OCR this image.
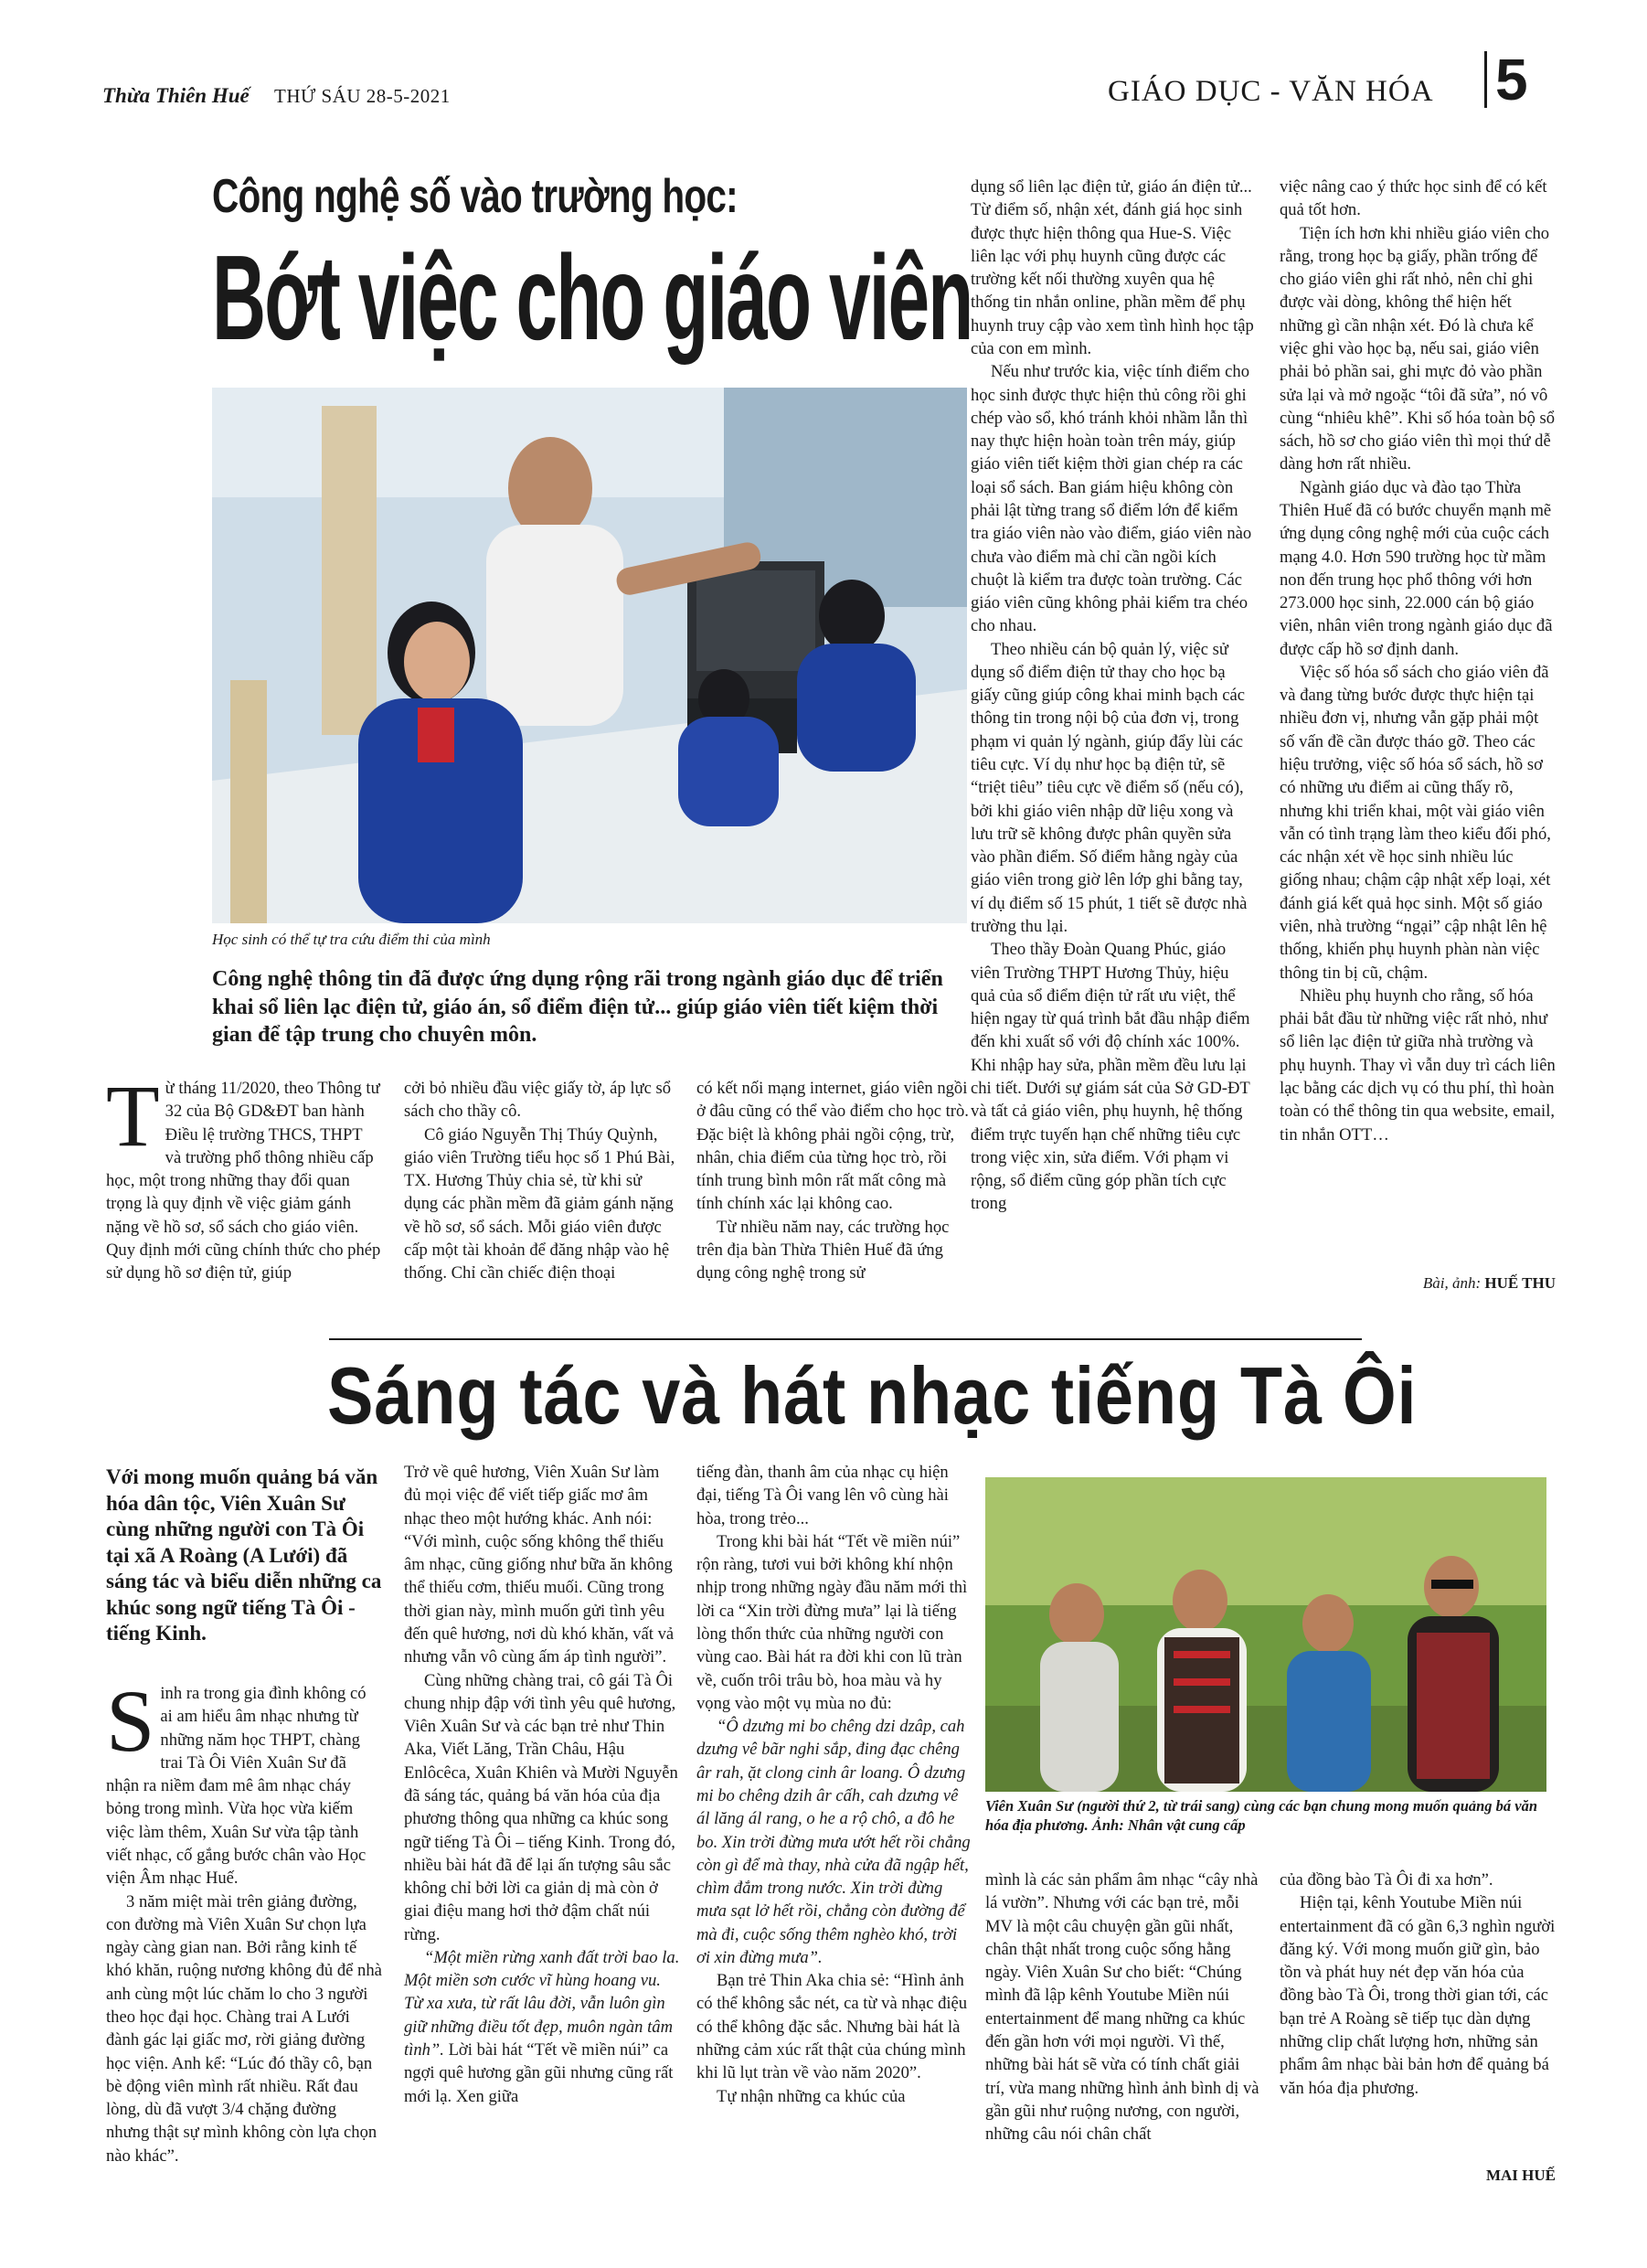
Thừa Thiên Huế THỨ SÁU 28-5-2021	GIÁO DỤC - VĂN HÓA 5
Công nghệ số vào trường học:
Bớt việc cho giáo viên
Học sinh có thể tự tra cứu điểm thi của mình
Công nghệ thông tin đã được ứng dụng rộng rãi trong ngành giáo dục để triển khai sổ liên lạc điện tử, giáo án, sổ điểm điện tử... giúp giáo viên tiết kiệm thời gian để tập trung cho chuyên môn.
T ừ tháng 11/2020, theo Thông tư 32 của Bộ GD&ĐT ban hành Điều lệ trường THCS, THPT và trường phổ thông nhiều cấp học, một trong những thay đổi quan trọng là quy định về việc giảm gánh nặng về hồ sơ, sổ sách cho giáo viên. Quy định mới cũng chính thức cho phép sử dụng hồ sơ điện tử, giúp

cởi bỏ nhiều đầu việc giấy tờ, áp lực sổ sách cho thầy cô.

Cô giáo Nguyễn Thị Thúy Quỳnh, giáo viên Trường tiểu học số 1 Phú Bài, TX. Hương Thủy chia sẻ, từ khi sử dụng các phần mềm đã giảm gánh nặng về hồ sơ, sổ sách. Mỗi giáo viên được cấp một tài khoản để đăng nhập vào hệ thống. Chỉ cần chiếc điện thoại

có kết nối mạng internet, giáo viên ngồi ở đâu cũng có thể vào điểm cho học trò. Đặc biệt là không phải ngồi cộng, trừ, nhân, chia điểm của từng học trò, rồi tính trung bình môn rất mất công mà tính chính xác lại không cao.

Từ nhiều năm nay, các trường học trên địa bàn Thừa Thiên Huế đã ứng dụng công nghệ trong sử

dụng sổ liên lạc điện tử, giáo án điện tử... Từ điểm số, nhận xét, đánh giá học sinh được thực hiện thông qua Hue-S. Việc liên lạc với phụ huynh cũng được các trường kết nối thường xuyên qua hệ thống tin nhắn online, phần mềm để phụ huynh truy cập vào xem tình hình học tập của con em mình.

Nếu như trước kia, việc tính điểm cho học sinh được thực hiện thủ công rồi ghi chép vào sổ, khó tránh khỏi nhầm lẫn thì nay thực hiện hoàn toàn trên máy, giúp giáo viên tiết kiệm thời gian chép ra các loại sổ sách. Ban giám hiệu không còn phải lật từng trang sổ điểm lớn để kiểm tra giáo viên nào vào điểm, giáo viên nào chưa vào điểm mà chỉ cần ngồi kích chuột là kiểm tra được toàn trường. Các giáo viên cũng không phải kiểm tra chéo cho nhau.

Theo nhiều cán bộ quản lý, việc sử dụng sổ điểm điện tử thay cho học bạ giấy cũng giúp công khai minh bạch các thông tin trong nội bộ của đơn vị, trong phạm vi quản lý ngành, giúp đẩy lùi các tiêu cực. Ví dụ như học bạ điện tử, sẽ “triệt tiêu” tiêu cực về điểm số (nếu có), bởi khi giáo viên nhập dữ liệu xong và lưu trữ sẽ không được phân quyền sửa vào phần điểm. Số điểm hằng ngày của giáo viên trong giờ lên lớp ghi bằng tay, ví dụ điểm số 15 phút, 1 tiết sẽ được nhà trường thu lại.

Theo thầy Đoàn Quang Phúc, giáo viên Trường THPT Hương Thủy, hiệu quả của sổ điểm điện tử rất ưu việt, thể hiện ngay từ quá trình bắt đầu nhập điểm đến khi xuất sổ với độ chính xác 100%. Khi nhập hay sửa, phần mềm đều lưu lại chi tiết. Dưới sự giám sát của Sở GD-ĐT và tất cả giáo viên, phụ huynh, hệ thống điểm trực tuyến hạn chế những tiêu cực trong việc xin, sửa điểm. Với phạm vi rộng, sổ điểm cũng góp phần tích cực trong

việc nâng cao ý thức học sinh để có kết quả tốt hơn.

Tiện ích hơn khi nhiều giáo viên cho rằng, trong học bạ giấy, phần trống để cho giáo viên ghi rất nhỏ, nên chỉ ghi được vài dòng, không thể hiện hết những gì cần nhận xét. Đó là chưa kể việc ghi vào học bạ, nếu sai, giáo viên phải bỏ phần sai, ghi mực đỏ vào phần sửa lại và mở ngoặc “tôi đã sửa”, nó vô cùng “nhiêu khê”. Khi số hóa toàn bộ sổ sách, hồ sơ cho giáo viên thì mọi thứ dễ dàng hơn rất nhiều.

Ngành giáo dục và đào tạo Thừa Thiên Huế đã có bước chuyển mạnh mẽ ứng dụng công nghệ mới của cuộc cách mạng 4.0. Hơn 590 trường học từ mầm non đến trung học phổ thông với hơn 273.000 học sinh, 22.000 cán bộ giáo viên, nhân viên trong ngành giáo dục đã được cấp hồ sơ định danh.

Việc số hóa sổ sách cho giáo viên đã và đang từng bước được thực hiện tại nhiều đơn vị, nhưng vẫn gặp phải một số vấn đề cần được tháo gỡ. Theo các hiệu trưởng, việc số hóa sổ sách, hồ sơ có những ưu điểm ai cũng thấy rõ, nhưng khi triển khai, một vài giáo viên vẫn có tình trạng làm theo kiểu đối phó, các nhận xét về học sinh nhiều lúc giống nhau; chậm cập nhật xếp loại, xét đánh giá kết quả học sinh. Một số giáo viên, nhà trường “ngại” cập nhật lên hệ thống, khiến phụ huynh phàn nàn việc thông tin bị cũ, chậm.

Nhiều phụ huynh cho rằng, số hóa phải bắt đầu từ những việc rất nhỏ, như sổ liên lạc điện tử giữa nhà trường và phụ huynh. Thay vì vẫn duy trì cách liên lạc bằng các dịch vụ có thu phí, thì hoàn toàn có thể thông tin qua website, email, tin nhắn OTT…

Bài, ảnh: HUẾ THU
Sáng tác và hát nhạc tiếng Tà Ôi
Với mong muốn quảng bá văn hóa dân tộc, Viên Xuân Sư cùng những người con Tà Ôi tại xã A Roàng (A Lưới) đã sáng tác và biểu diễn những ca khúc song ngữ tiếng Tà Ôi - tiếng Kinh.
S inh ra trong gia đình không có ai am hiểu âm nhạc nhưng từ những năm học THPT, chàng trai Tà Ôi Viên Xuân Sư đã nhận ra niềm đam mê âm nhạc cháy bỏng trong mình. Vừa học vừa kiếm việc làm thêm, Xuân Sư vừa tập tành viết nhạc, cố gắng bước chân vào Học viện Âm nhạc Huế.

3 năm miệt mài trên giảng đường, con đường mà Viên Xuân Sư chọn lựa ngày càng gian nan. Bởi rằng kinh tế khó khăn, ruộng nương không đủ để nhà anh cùng một lúc chăm lo cho 3 người theo học đại học. Chàng trai A Lưới đành gác lại giấc mơ, rời giảng đường học viện. Anh kể: “Lúc đó thầy cô, bạn bè động viên mình rất nhiều. Rất đau lòng, dù đã vượt 3/4 chặng đường nhưng thật sự mình không còn lựa chọn nào khác”.

Trở về quê hương, Viên Xuân Sư làm đủ mọi việc để viết tiếp giấc mơ âm nhạc theo một hướng khác. Anh nói: “Với mình, cuộc sống không thể thiếu âm nhạc, cũng giống như bữa ăn không thể thiếu cơm, thiếu muối. Cũng trong thời gian này, mình muốn gửi tình yêu đến quê hương, nơi dù khó khăn, vất vả nhưng vẫn vô cùng ấm áp tình người”.

Cùng những chàng trai, cô gái Tà Ôi chung nhịp đập với tình yêu quê hương, Viên Xuân Sư và các bạn trẻ như Thin Aka, Viết Lăng, Trần Châu, Hậu Enlôcêca, Xuân Khiên và Mười Nguyễn đã sáng tác, quảng bá văn hóa của địa phương thông qua những ca khúc song ngữ tiếng Tà Ôi – tiếng Kinh. Trong đó, nhiều bài hát đã để lại ấn tượng sâu sắc không chỉ bởi lời ca giản dị mà còn ở giai điệu mang hơi thở đậm chất núi rừng.

“Một miền rừng xanh đất trời bao la. Một miền sơn cước vĩ hùng hoang vu. Từ xa xưa, từ rất lâu đời, vẫn luôn gìn giữ những điều tốt đẹp, muôn ngàn tâm tình”. Lời bài hát “Tết về miền núi” ca ngợi quê hương gần gũi nhưng cũng rất mới lạ. Xen giữa

tiếng đàn, thanh âm của nhạc cụ hiện đại, tiếng Tà Ôi vang lên vô cùng hài hòa, trong trẻo...

Trong khi bài hát “Tết về miền núi” rộn ràng, tươi vui bởi không khí nhộn nhịp trong những ngày đầu năm mới thì lời ca “Xin trời đừng mưa” lại là tiếng lòng thổn thức của những người con vùng cao. Bài hát ra đời khi con lũ tràn về, cuốn trôi trâu bò, hoa màu và hy vọng vào một vụ mùa no đủ:

“Ô dzưng mi bo chêng dzi dzâp, cah dzưng vê bãr nghi sắp, đing đạc chêng âr rah, ặt clong cinh âr loang. Ô dzưng mi bo chêng dzih âr cấh, cah dzưng vê ál lăng ál rang, o he a rộ chô, a đô he bo. Xin trời đừng mưa ướt hết rồi chẳng còn gì để mà thay, nhà cửa đã ngập hết, chìm đắm trong nước. Xin trời đừng mưa sạt lở hết rồi, chẳng còn đường để mà đi, cuộc sống thêm nghèo khó, trời ơi xin đừng mưa”.

Bạn trẻ Thin Aka chia sẻ: “Hình ảnh có thể không sắc nét, ca từ và nhạc điệu có thể không đặc sắc. Nhưng bài hát là những cảm xúc rất thật của chúng mình khi lũ lụt tràn về vào năm 2020”.

Tự nhận những ca khúc của

Viên Xuân Sư (người thứ 2, từ trái sang) cùng các bạn chung mong muốn quảng bá văn hóa địa phương. Ảnh: Nhân vật cung cấp

mình là các sản phẩm âm nhạc “cây nhà lá vườn”. Nhưng với các bạn trẻ, mỗi MV là một câu chuyện gần gũi nhất, chân thật nhất trong cuộc sống hằng ngày. Viên Xuân Sư cho biết: “Chúng mình đã lập kênh Youtube Miền núi entertainment để mang những ca khúc đến gần hơn với mọi người. Vì thế, những bài hát sẽ vừa có tính chất giải trí, vừa mang những hình ảnh bình dị và gần gũi như ruộng nương, con người, những câu nói chân chất

của đồng bào Tà Ôi đi xa hơn”.

Hiện tại, kênh Youtube Miền núi entertainment đã có gần 6,3 nghìn người đăng ký. Với mong muốn giữ gìn, bảo tồn và phát huy nét đẹp văn hóa của đồng bào Tà Ôi, trong thời gian tới, các bạn trẻ A Roàng sẽ tiếp tục dàn dựng những clip chất lượng hơn, những sản phẩm âm nhạc bài bản hơn để quảng bá văn hóa địa phương.

MAI HUẾ
